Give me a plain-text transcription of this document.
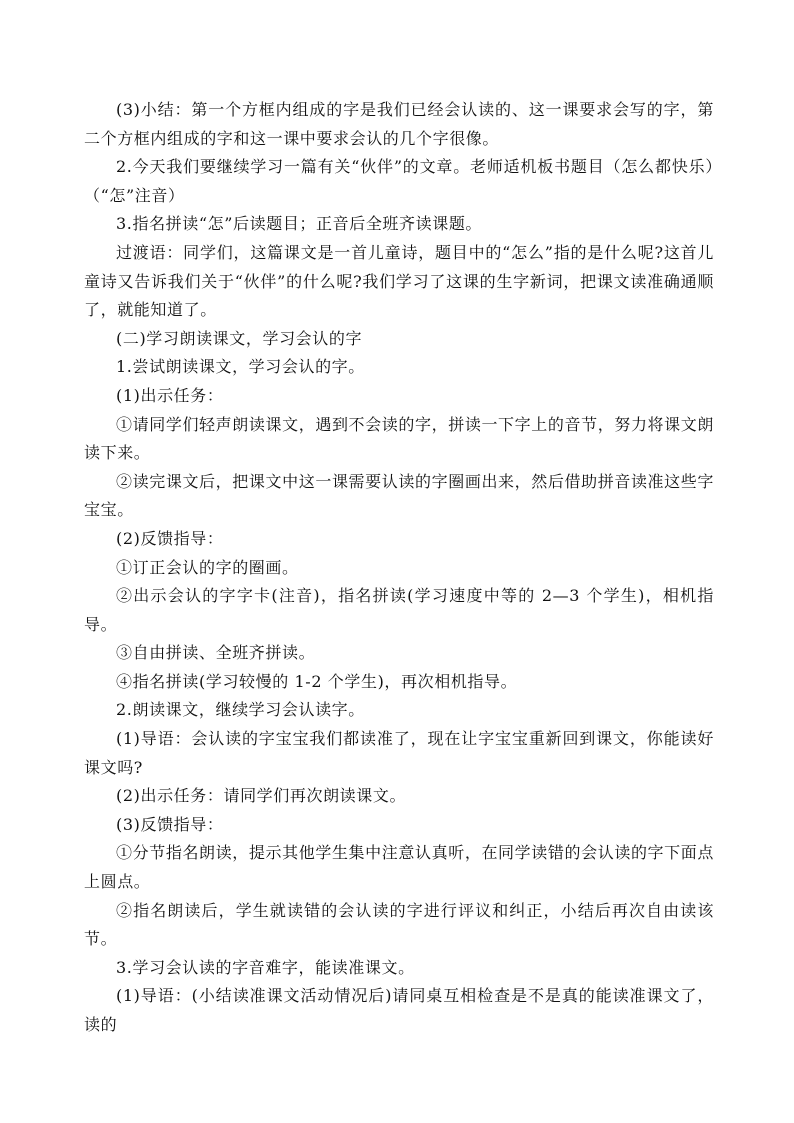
(3)小结：第一个方框内组成的字是我们已经会认读的、这一课要求会写的字，第二个方框内组成的字和这一课中要求会认的几个字很像。

2.今天我们要继续学习一篇有关“伙伴”的文章。老师适机板书题目（怎么都快乐）（“怎”注音）

3.指名拼读“怎”后读题目；正音后全班齐读课题。

过渡语：同学们，这篇课文是一首儿童诗，题目中的“怎么”指的是什么呢?这首儿童诗又告诉我们关于“伙伴”的什么呢?我们学习了这课的生字新词，把课文读准确通顺了，就能知道了。

(二)学习朗读课文，学习会认的字

1.尝试朗读课文，学习会认的字。

(1)出示任务：

①请同学们轻声朗读课文，遇到不会读的字，拼读一下字上的音节，努力将课文朗读下来。

②读完课文后，把课文中这一课需要认读的字圈画出来，然后借助拼音读准这些字宝宝。

(2)反馈指导：

①订正会认的字的圈画。

②出示会认的字字卡(注音)，指名拼读(学习速度中等的 2—3 个学生)，相机指导。

③自由拼读、全班齐拼读。

④指名拼读(学习较慢的 1-2 个学生)，再次相机指导。

2.朗读课文，继续学习会认读字。

(1)导语：会认读的字宝宝我们都读准了，现在让字宝宝重新回到课文，你能读好课文吗?

(2)出示任务：请同学们再次朗读课文。

(3)反馈指导：

①分节指名朗读，提示其他学生集中注意认真听，在同学读错的会认读的字下面点上圆点。

②指名朗读后，学生就读错的会认读的字进行评议和纠正，小结后再次自由读该节。

3.学习会认读的字音难字，能读准课文。

(1)导语：(小结读准课文活动情况后)请同桌互相检查是不是真的能读准课文了，读的
